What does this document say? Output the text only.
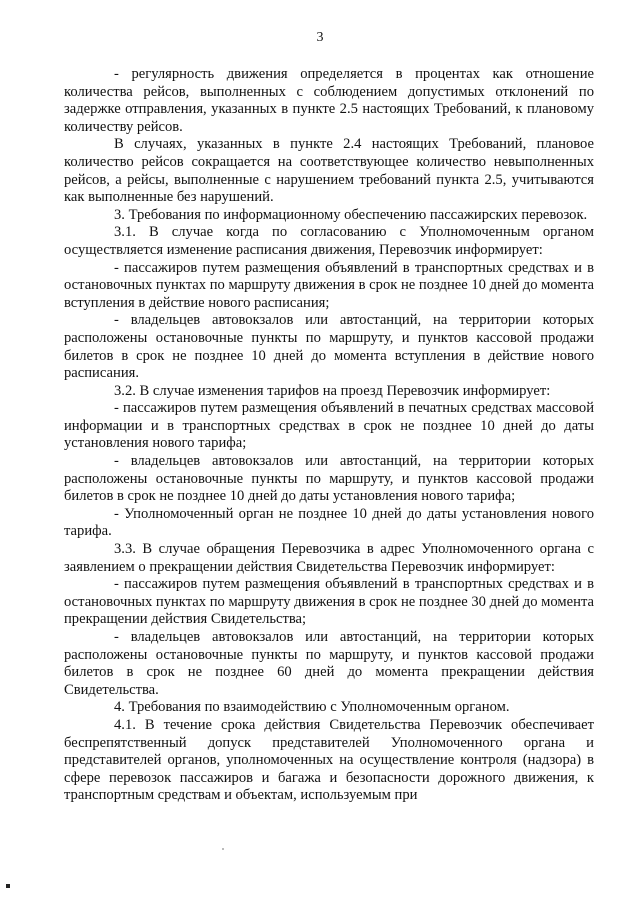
3

- регулярность движения определяется в процентах как отношение количества рейсов, выполненных с соблюдением допустимых отклонений по задержке отправления, указанных в пункте 2.5 настоящих Требований, к плановому количеству рейсов.

В случаях, указанных в пункте 2.4 настоящих Требований, плановое количество рейсов сокращается на соответствующее количество невыполненных рейсов, а рейсы, выполненные с нарушением требований пункта 2.5, учитываются как выполненные без нарушений.

3. Требования по информационному обеспечению пассажирских перевозок.

3.1. В случае когда по согласованию с Уполномоченным органом осуществляется изменение расписания движения, Перевозчик информирует:

- пассажиров путем размещения объявлений в транспортных средствах и в остановочных пунктах по маршруту движения в срок не позднее 10 дней до момента вступления в действие нового расписания;

- владельцев автовокзалов или автостанций, на территории которых расположены остановочные пункты по маршруту, и пунктов кассовой продажи билетов в срок не позднее 10 дней до момента вступления в действие нового расписания.

3.2. В случае изменения тарифов на проезд Перевозчик информирует:

- пассажиров путем размещения объявлений в печатных средствах массовой информации и в транспортных средствах в срок не позднее 10 дней до даты установления нового тарифа;

- владельцев автовокзалов или автостанций, на территории которых расположены остановочные пункты по маршруту, и пунктов кассовой продажи билетов в срок не позднее 10 дней до даты установления нового тарифа;

- Уполномоченный орган не позднее 10 дней до даты установления нового тарифа.

3.3. В случае обращения Перевозчика в адрес Уполномоченного органа с заявлением о прекращении действия Свидетельства Перевозчик информирует:

- пассажиров путем размещения объявлений в транспортных средствах и в остановочных пунктах по маршруту движения в срок не позднее 30 дней до момента прекращении действия Свидетельства;

- владельцев автовокзалов или автостанций, на территории которых расположены остановочные пункты по маршруту, и пунктов кассовой продажи билетов в срок не позднее 60 дней до момента прекращении действия Свидетельства.

4. Требования по взаимодействию с Уполномоченным органом.

4.1. В течение срока действия Свидетельства Перевозчик обеспечивает беспрепятственный допуск представителей Уполномоченного органа и представителей органов, уполномоченных на осуществление контроля (надзора) в сфере перевозок пассажиров и багажа и безопасности дорожного движения, к транспортным средствам и объектам, используемым при
